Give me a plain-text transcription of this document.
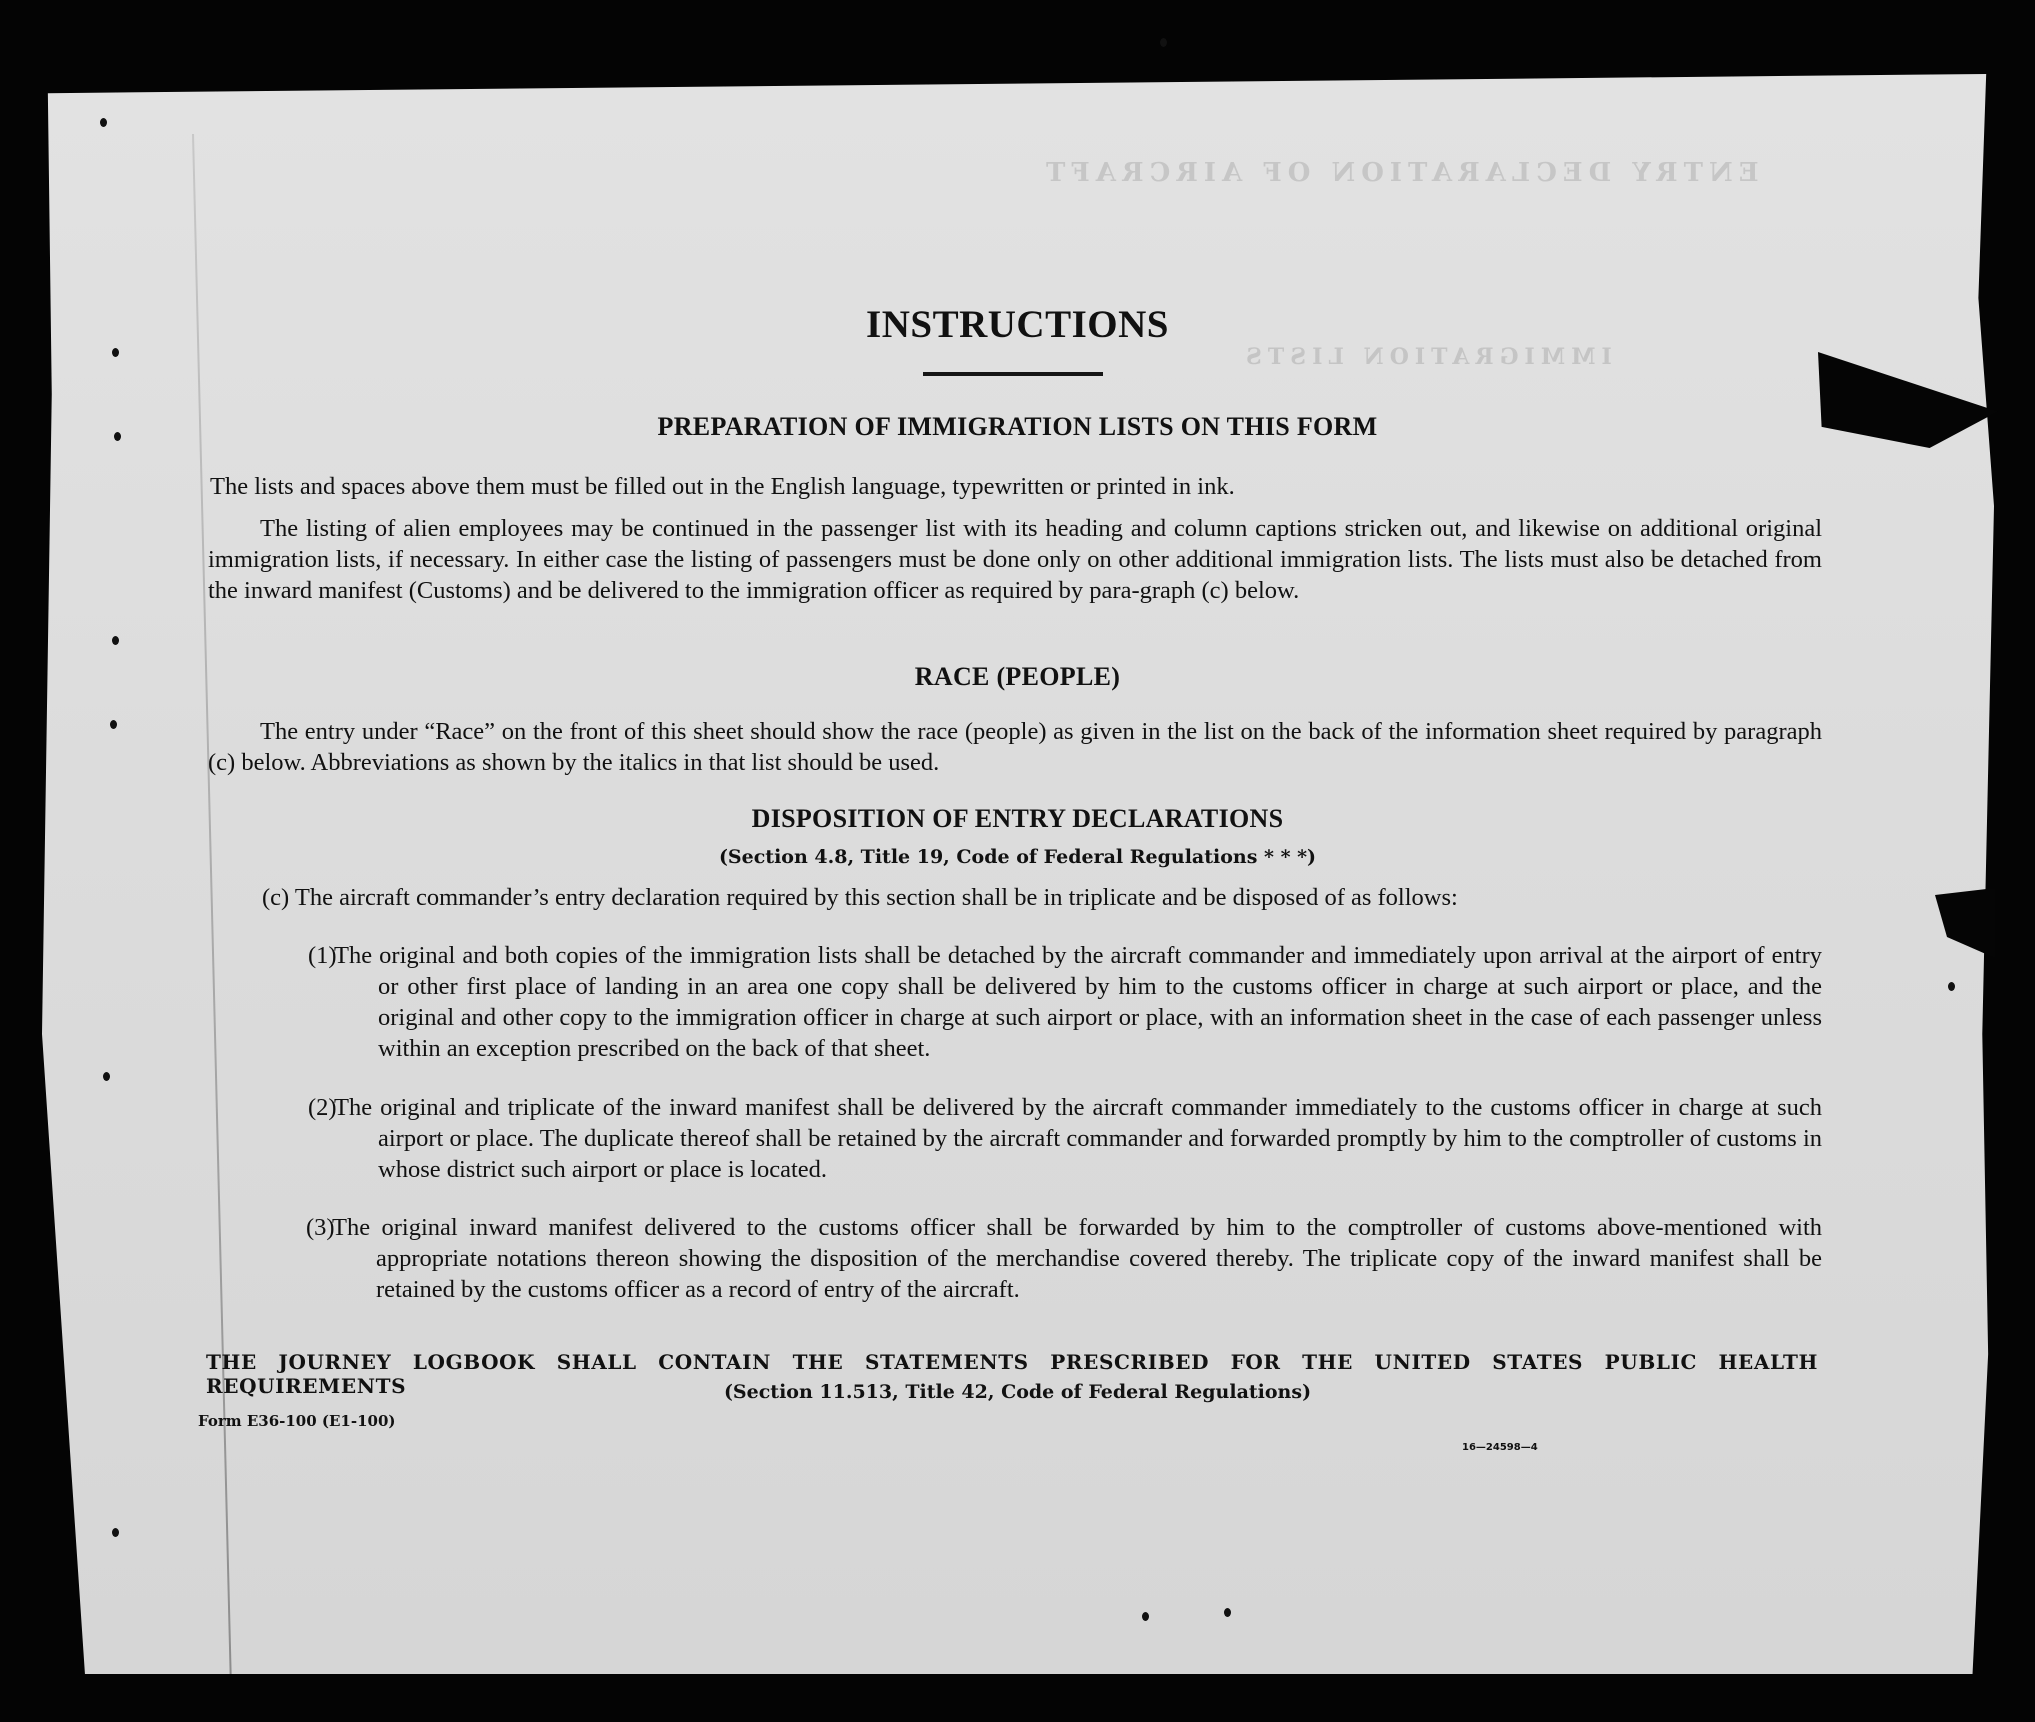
ENTRY DECLARATION OF AIRCRAFT
IMMIGRATION LISTS
INSTRUCTIONS
PREPARATION OF IMMIGRATION LISTS ON THIS FORM

The lists and spaces above them must be filled out in the English language, typewritten or printed in ink.

The listing of alien employees may be continued in the passenger list with its heading and column captions stricken out, and likewise on additional original immigration lists, if necessary. In either case the listing of passengers must be done only on other additional immigration lists. The lists must also be detached from the inward manifest (Customs) and be delivered to the immigration officer as required by para-graph (c) below.

RACE (PEOPLE)

The entry under “Race” on the front of this sheet should show the race (people) as given in the list on the back of the information sheet required by paragraph (c) below. Abbreviations as shown by the italics in that list should be used.

DISPOSITION OF ENTRY DECLARATIONS
(Section 4.8, Title 19, Code of Federal Regulations * * *)

(c) The aircraft commander’s entry declaration required by this section shall be in triplicate and be disposed of as follows:

(1)
The original and both copies of the immigration lists shall be detached by the aircraft commander and immediately upon arrival at the airport of entry or other first place of landing in an area one copy shall be delivered by him to the customs officer in charge at such airport or place, and the original and other copy to the immigration officer in charge at such airport or place, with an information sheet in the case of each passenger unless within an exception prescribed on the back of that sheet.
(2)
The original and triplicate of the inward manifest shall be delivered by the aircraft commander immediately to the customs officer in charge at such airport or place. The duplicate thereof shall be retained by the aircraft commander and forwarded promptly by him to the comptroller of customs in whose district such airport or place is located.
(3)
The original inward manifest delivered to the customs officer shall be forwarded by him to the comptroller of customs above-mentioned with appropriate notations thereon showing the disposition of the merchandise covered thereby. The triplicate copy of the inward manifest shall be retained by the customs officer as a record of entry of the aircraft.
THE JOURNEY LOGBOOK SHALL CONTAIN THE STATEMENTS PRESCRIBED FOR THE UNITED STATES PUBLIC HEALTH REQUIREMENTS	(Section 11.513, Title 42, Code of Federal Regulations)
Form E36-100 (E1-100)
16—24598—4
